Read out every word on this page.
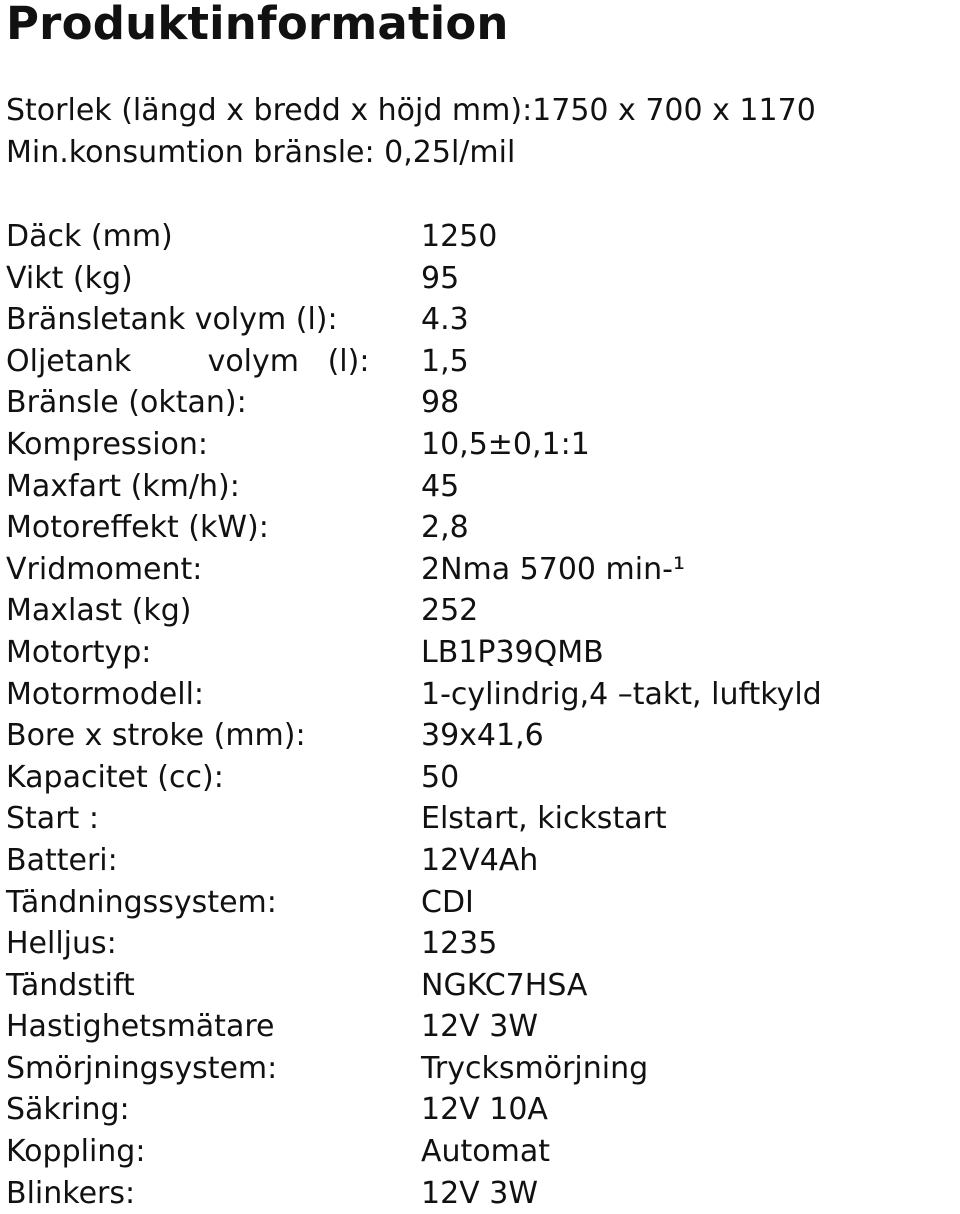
Produktinformation
Storlek (längd x bredd x höjd mm):1750 x 700 x 1170
Min.konsumtion bränsle: 0,25l/mil
Däck (mm)	1250
Vikt (kg)	95
Bränsletank volym (l):	4.3
Oljetank        volym   (l): 1,5
Bränsle (oktan):	98
Kompression:	10,5±0,1:1
Maxfart (km/h):	45
Motoreffekt (kW):	2,8
Vridmoment:	2Nma 5700 min-¹
Maxlast (kg)	252
Motortyp:	LB1P39QMB
Motormodell:	1-cylindrig,4 –takt, luftkyld
Bore x stroke (mm):	39x41,6
Kapacitet (cc):	50
Start :	Elstart, kickstart
Batteri:	12V4Ah
Tändningssystem:	CDI
Helljus:	1235
Tändstift	NGKC7HSA
Hastighetsmätare	12V 3W
Smörjningsystem:	Trycksmörjning
Säkring:	12V 10A
Koppling:	Automat
Blinkers:	12V 3W
